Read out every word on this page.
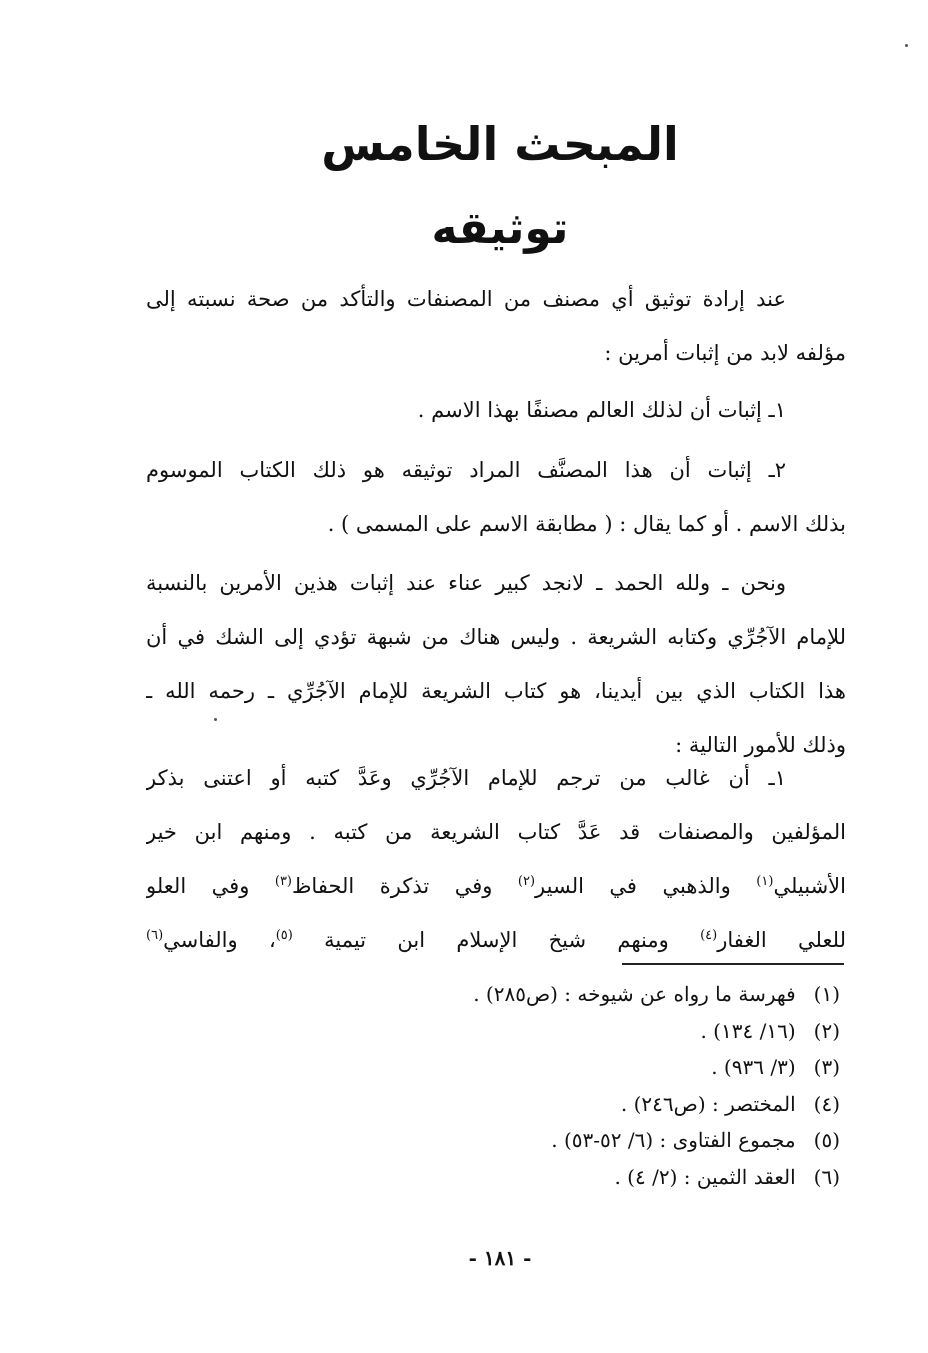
المبحث الخامس
توثيقه
عند إرادة توثيق أي مصنف من المصنفات والتأكد من صحة نسبته إلى
مؤلفه لابد من إثبات أمرين :
١ـ إثبات أن لذلك العالم مصنفًا بهذا الاسم .
٢ـ إثبات أن هذا المصنَّف المراد توثيقه هو ذلك الكتاب الموسوم
بذلك الاسم . أو كما يقال : ( مطابقة الاسم على المسمى ) .
ونحن ـ ولله الحمد ـ لانجد كبير عناء عند إثبات هذين الأمرين بالنسبة
للإمام الآجُرِّي وكتابه الشريعة . وليس هناك من شبهة تؤدي إلى الشك في أن
هذا الكتاب الذي بين أيدينا، هو كتاب الشريعة للإمام الآجُرِّي ـ رحمه الله ـ
وذلك للأمور التالية :
١ـ أن غالب من ترجم للإمام الآجُرِّي وعَدَّ كتبه أو اعتنى بذكر
المؤلفين والمصنفات قد عَدَّ كتاب الشريعة من كتبه . ومنهم ابن خير
الأشبيلي$^{(١)}$ والذهبي في السير$^{(٢)}$ وفي تذكرة الحفاظ$^{(٣)}$ وفي العلو
للعلي الغفار$^{(٤)}$ ومنهم شيخ الإسلام ابن تيمية $^{(٥)}$، والفاسي$^{(٦)}$
(١) فهرسة ما رواه عن شيوخه : (ص٢٨٥) .
(٢) (١٦/ ١٣٤) .
(٣) (٣/ ٩٣٦) .
(٤) المختصر : (ص٢٤٦) .
(٥) مجموع الفتاوى : (٦/ ٥٢-٥٣) .
(٦) العقد الثمين : (٢/ ٤) .
- ١٨١ -
